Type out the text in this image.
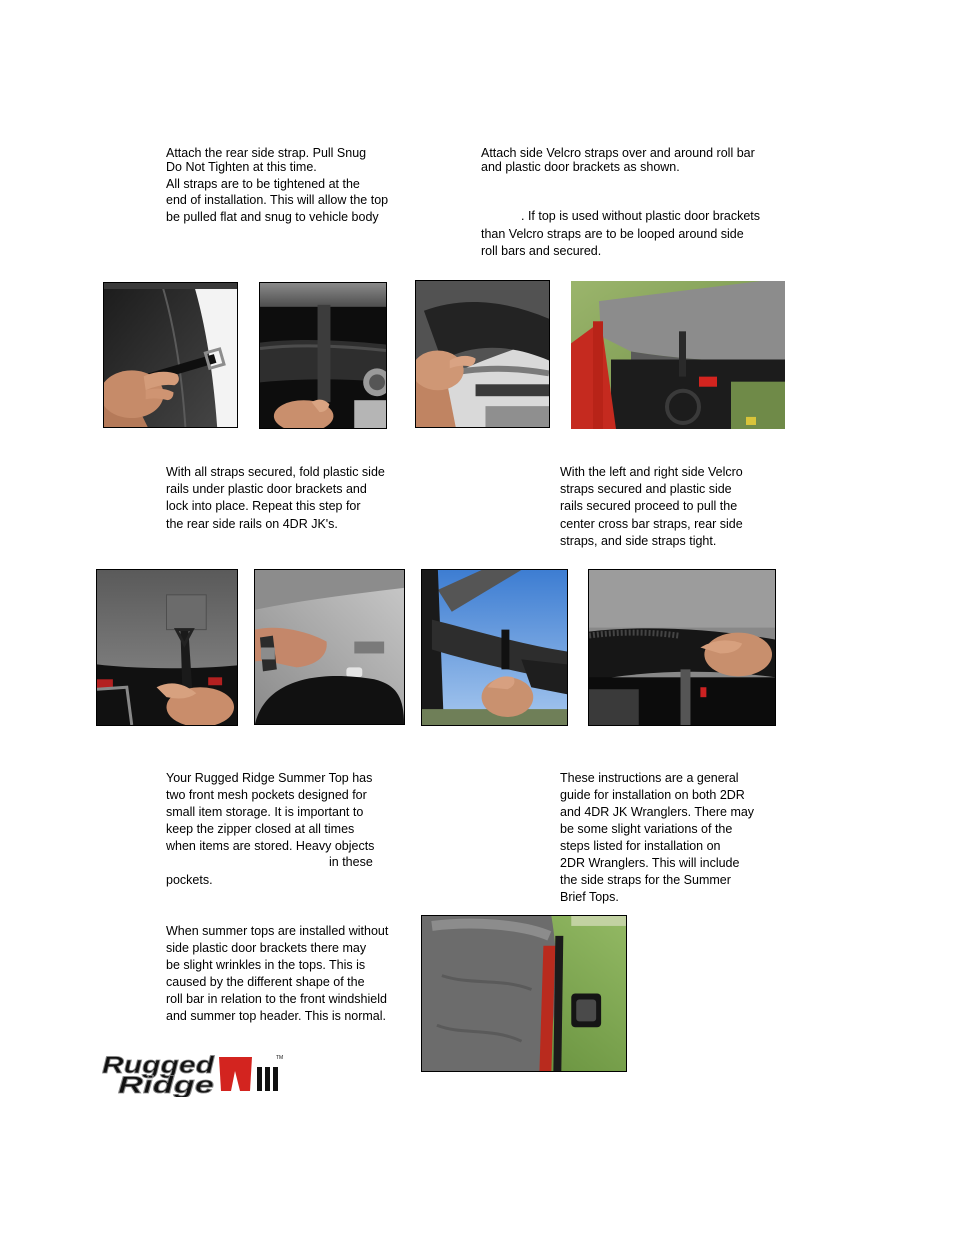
Attach the rear side strap. Pull Snug
Do Not Tighten at this time.
All straps are to be tightened at the
end of installation. This will allow the top
be pulled flat and snug to vehicle body
Attach side Velcro straps over and around roll bar
and plastic door brackets as shown.
. If top is used without plastic door brackets
than Velcro straps are to be looped around side
roll bars and secured.
With all straps secured, fold plastic side
rails under plastic door brackets and
lock into place. Repeat this step for
the rear side rails on 4DR JK's.
With the left and right side Velcro
straps secured and plastic side
rails secured proceed to pull the
center cross bar straps, rear side
straps, and side straps tight.
Your Rugged Ridge Summer Top has
two front mesh pockets designed for
small item storage. It is important to
keep the zipper closed at all times
when items are stored. Heavy objects
in these
pockets.
These instructions are a general
guide for installation on both 2DR
and 4DR JK Wranglers. There may
be some slight variations of the
steps listed for installation on
2DR Wranglers. This will include
the side straps for the Summer
Brief Tops.
When summer tops are installed without
side plastic door brackets there may
be slight wrinkles in the tops. This is
caused by the different shape of the
roll bar in relation to the front windshield
and summer top header. This is normal.
Rugged
Ridge
TM
